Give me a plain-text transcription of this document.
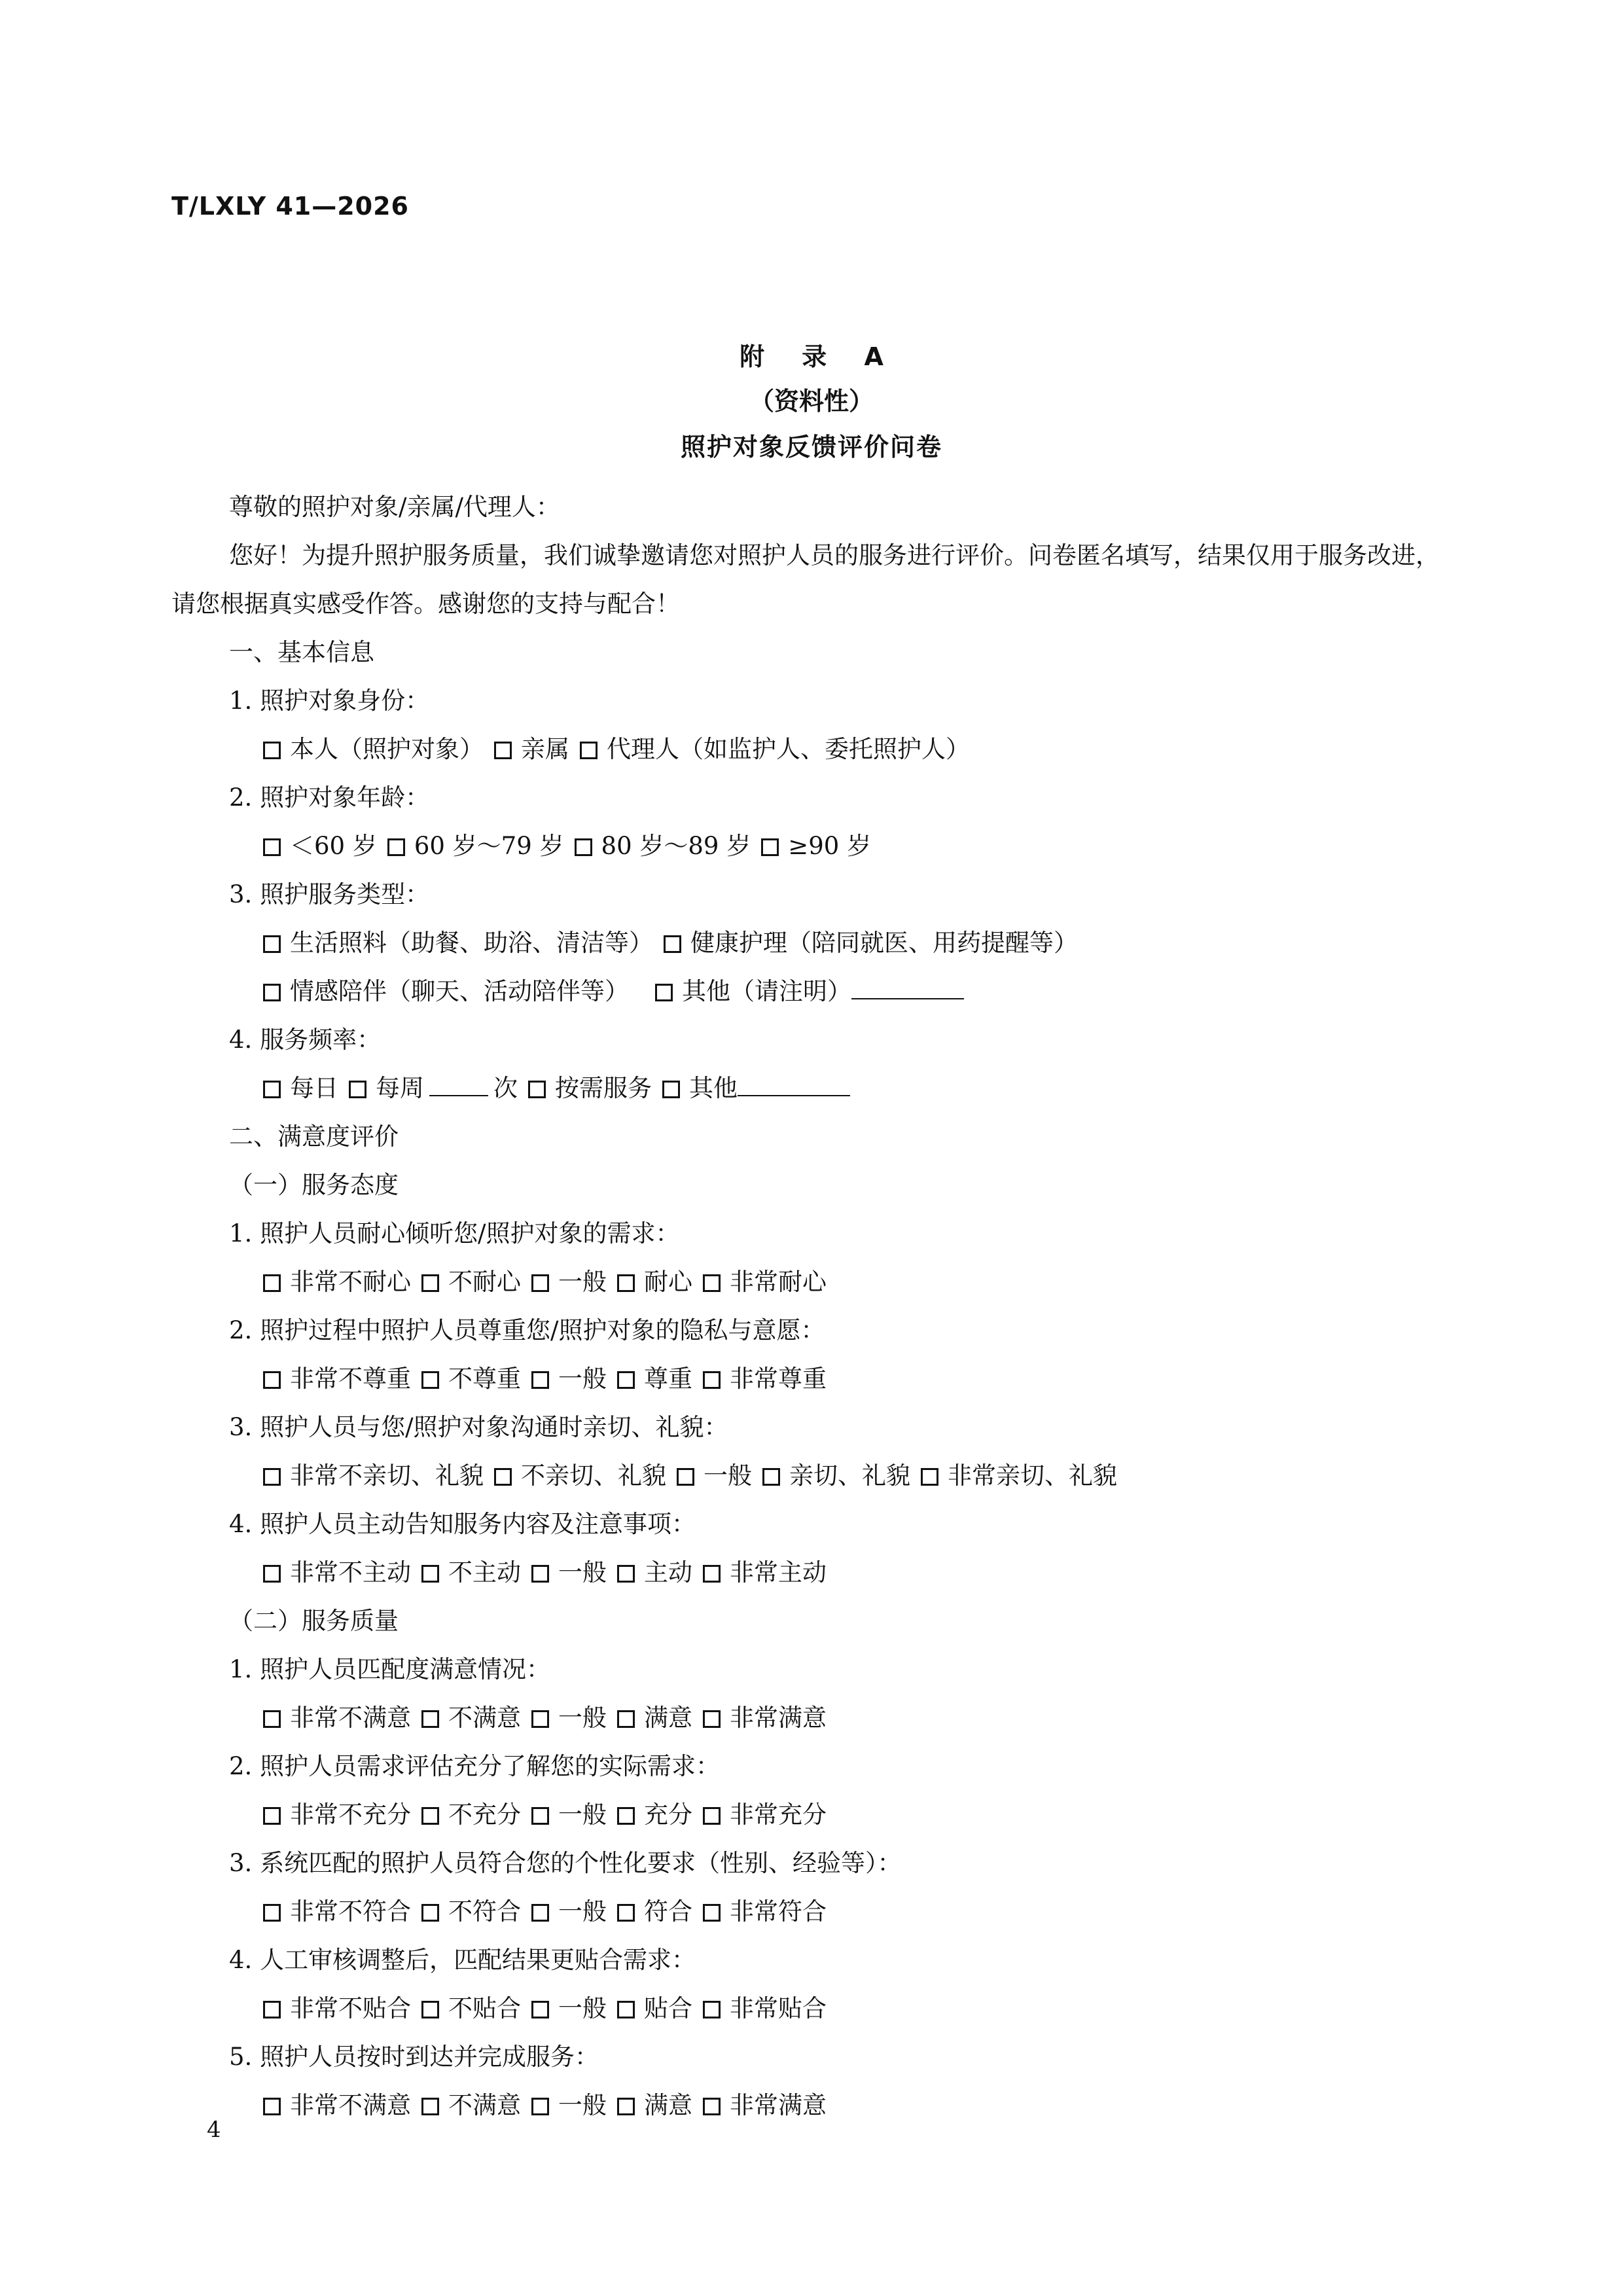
T/LXLY 41—2026

附 录 A

（资料性）

照护对象反馈评价问卷

尊敬的照护对象/亲属/代理人：

您好！为提升照护服务质量，我们诚挚邀请您对照护人员的服务进行评价。问卷匿名填写，结果仅用于服务改进，请您根据真实感受作答。感谢您的支持与配合！

一、基本信息

1. 照护对象身份：

本人（照护对象） 亲属 代理人（如监护人、委托照护人）

2. 照护对象年龄：

＜60 岁 60 岁～79 岁 80 岁～89 岁 ≥90 岁

3. 照护服务类型：

生活照料（助餐、助浴、清洁等） 健康护理（陪同就医、用药提醒等）

情感陪伴（聊天、活动陪伴等） 其他（请注明）

4. 服务频率：

每日 每周	次 按需服务 其他

二、满意度评价

（一）服务态度

1. 照护人员耐心倾听您/照护对象的需求：

非常不耐心 不耐心 一般 耐心 非常耐心

2. 照护过程中照护人员尊重您/照护对象的隐私与意愿：

非常不尊重 不尊重 一般 尊重 非常尊重

3. 照护人员与您/照护对象沟通时亲切、礼貌：

非常不亲切、礼貌 不亲切、礼貌 一般 亲切、礼貌 非常亲切、礼貌

4. 照护人员主动告知服务内容及注意事项：

非常不主动 不主动 一般 主动 非常主动

（二）服务质量

1. 照护人员匹配度满意情况：

非常不满意 不满意 一般 满意 非常满意

2. 照护人员需求评估充分了解您的实际需求：

非常不充分 不充分 一般 充分 非常充分

3. 系统匹配的照护人员符合您的个性化要求（性别、经验等）：

非常不符合 不符合 一般 符合 非常符合

4. 人工审核调整后，匹配结果更贴合需求：

非常不贴合 不贴合 一般 贴合 非常贴合

5. 照护人员按时到达并完成服务：

非常不满意 不满意 一般 满意 非常满意

4
